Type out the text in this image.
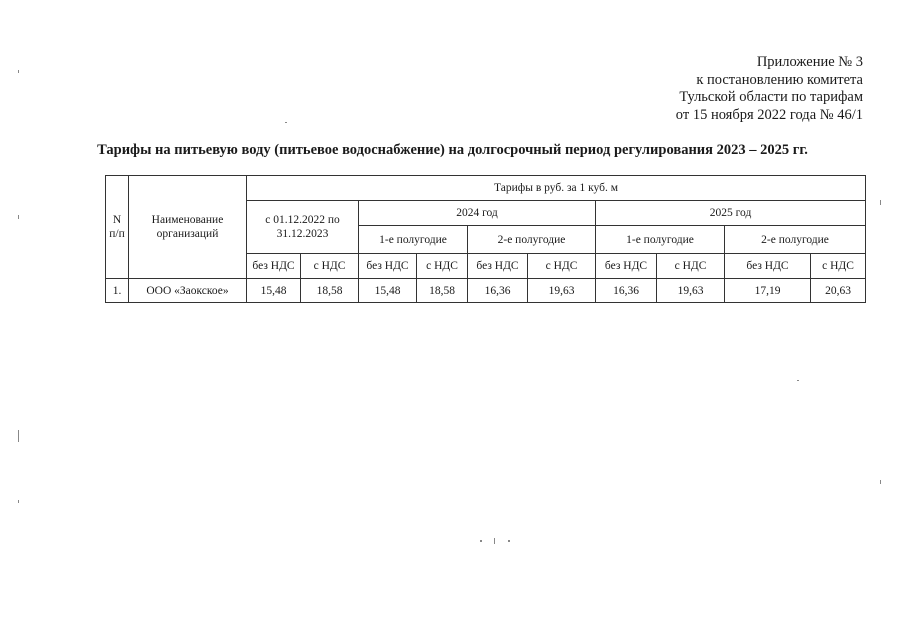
Приложение № 3
к постановлению комитета
Тульской области по тарифам
от 15 ноября 2022 года № 46/1
Тарифы на питьевую воду (питьевое водоснабжение) на долгосрочный период регулирования 2023 – 2025 гг.
N п/п	Наименование организаций	Тарифы в руб. за 1 куб. м									
		с 01.12.2022 по 31.12.2023		2024 год				2025 год			
				1-е полугодие		2-е полугодие		1-е полугодие		2-е полугодие	
		без НДС	с НДС	без НДС	с НДС	без НДС	с НДС	без НДС	с НДС	без НДС	с НДС
1.	ООО «Заокское»	15,48	18,58	15,48	18,58	16,36	19,63	16,36	19,63	17,19	20,63
